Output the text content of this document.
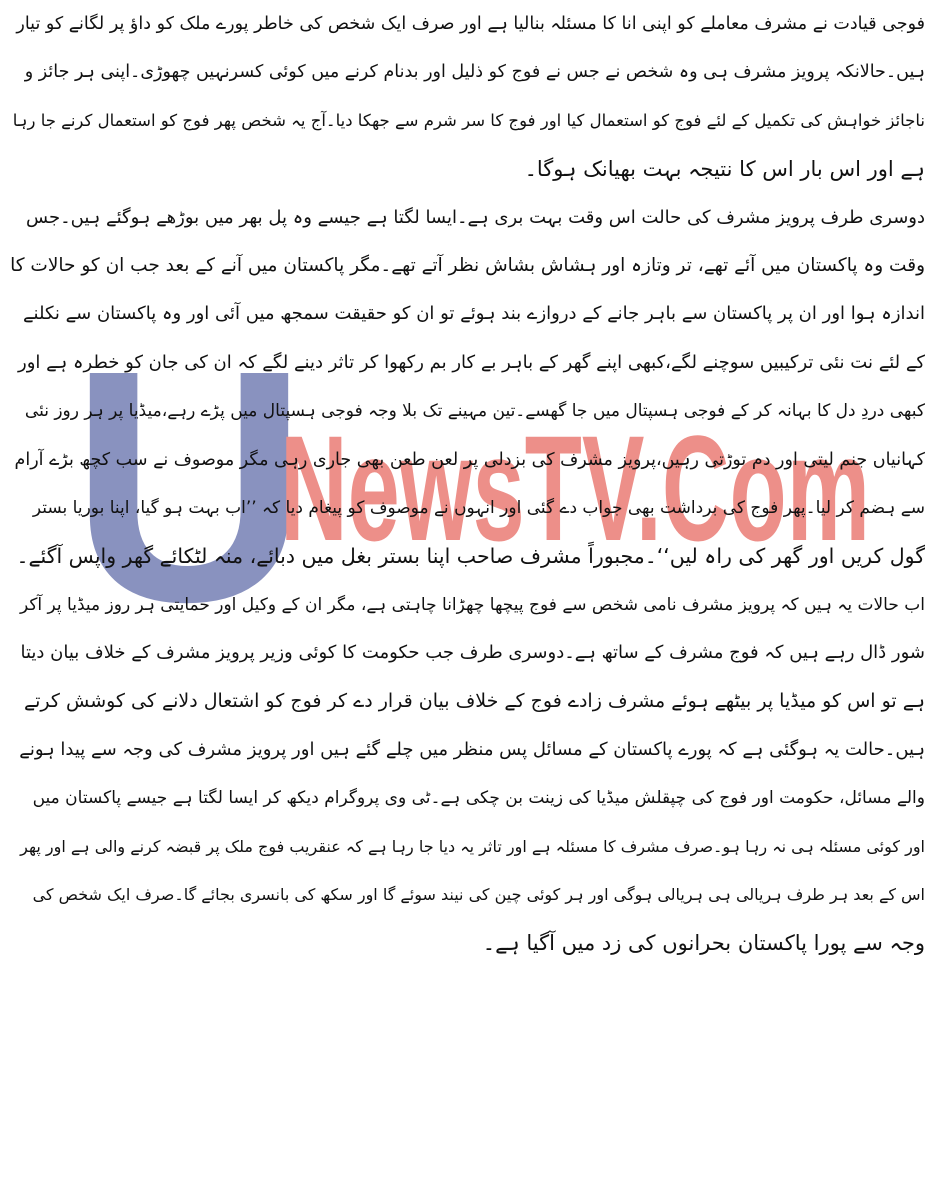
U
NewsTV.Com

فوجی قیادت نے مشرف معاملے کو اپنی انا کا مسئلہ بنالیا ہے اور صرف ایک شخص کی خاطر پورے ملک کو داؤ پر لگانے کو تیار
ہیں۔حالانکہ پرویز مشرف ہی وہ شخص نے جس نے فوج کو ذلیل اور بدنام کرنے میں کوئی کسرنہیں چھوڑی۔اپنی ہر جائز و
ناجائز خواہش کی تکمیل کے لئے فوج کو استعمال کیا اور فوج کا سر شرم سے جھکا دیا۔آج یہ شخص پھر فوج کو استعمال کرنے جا رہا
ہے اور اس بار اس کا نتیجہ بہت بھیانک ہوگا۔

دوسری طرف پرویز مشرف کی حالت اس وقت بہت بری ہے۔ایسا لگتا ہے جیسے وہ پل بھر میں بوڑھے ہوگئے ہیں۔جس
وقت وہ پاکستان میں آئے تھے، تر وتازہ اور ہشاش بشاش نظر آتے تھے۔مگر پاکستان میں آنے کے بعد جب ان کو حالات کا
اندازہ ہوا اور ان پر پاکستان سے باہر جانے کے دروازے بند ہوئے تو ان کو حقیقت سمجھ میں آئی اور وہ پاکستان سے نکلنے
کے لئے نت نئی ترکیبیں سوچنے لگے،کبھی اپنے گھر کے باہر بے کار بم رکھوا کر تاثر دینے لگے کہ ان کی جان کو خطرہ ہے اور
کبھی دردِ دل کا بہانہ کر کے فوجی ہسپتال میں جا گھسے۔تین مہینے تک بلا وجہ فوجی ہسپتال میں پڑے رہے،میڈیا پر ہر روز نئی
کہانیاں جنم لیتی اور دم توڑتی رہیں،پرویز مشرف کی بزدلی پر لعن طعن بھی جاری رہی مگر موصوف نے سب کچھ بڑے آرام
سے ہضم کر لیا۔پھر فوج کی برداشت بھی جواب دے گئی اور انہوں نے موصوف کو پیغام دیا کہ ’’اب بہت ہو گیا، اپنا بوریا بستر
گول کریں اور گھر کی راہ لیں‘‘۔مجبوراً مشرف صاحب اپنا بستر بغل میں دبائے، منہ لٹکائے گھر واپس آگئے۔

اب حالات یہ ہیں کہ پرویز مشرف نامی شخص سے فوج پیچھا چھڑانا چاہتی ہے، مگر ان کے وکیل اور حمایتی ہر روز میڈیا پر آکر
شور ڈال رہے ہیں کہ فوج مشرف کے ساتھ ہے۔دوسری طرف جب حکومت کا کوئی وزیر پرویز مشرف کے خلاف بیان دیتا
ہے تو اس کو میڈیا پر بیٹھے ہوئے مشرف زادے فوج کے خلاف بیان قرار دے کر فوج کو اشتعال دلانے کی کوشش کرتے
ہیں۔حالت یہ ہوگئی ہے کہ پورے پاکستان کے مسائل پس منظر میں چلے گئے ہیں اور پرویز مشرف کی وجہ سے پیدا ہونے
والے مسائل، حکومت اور فوج کی چپقلش میڈیا کی زینت بن چکی ہے۔ٹی وی پروگرام دیکھ کر ایسا لگتا ہے جیسے پاکستان میں
اور کوئی مسئلہ ہی نہ رہا ہو۔صرف مشرف کا مسئلہ ہے اور تاثر یہ دیا جا رہا ہے کہ عنقریب فوج ملک پر قبضہ کرنے والی ہے اور پھر
اس کے بعد ہر طرف ہریالی ہی ہریالی ہوگی اور ہر کوئی چین کی نیند سوئے گا اور سکھ کی بانسری بجائے گا۔صرف ایک شخص کی
وجہ سے پورا پاکستان بحرانوں کی زد میں آگیا ہے۔
